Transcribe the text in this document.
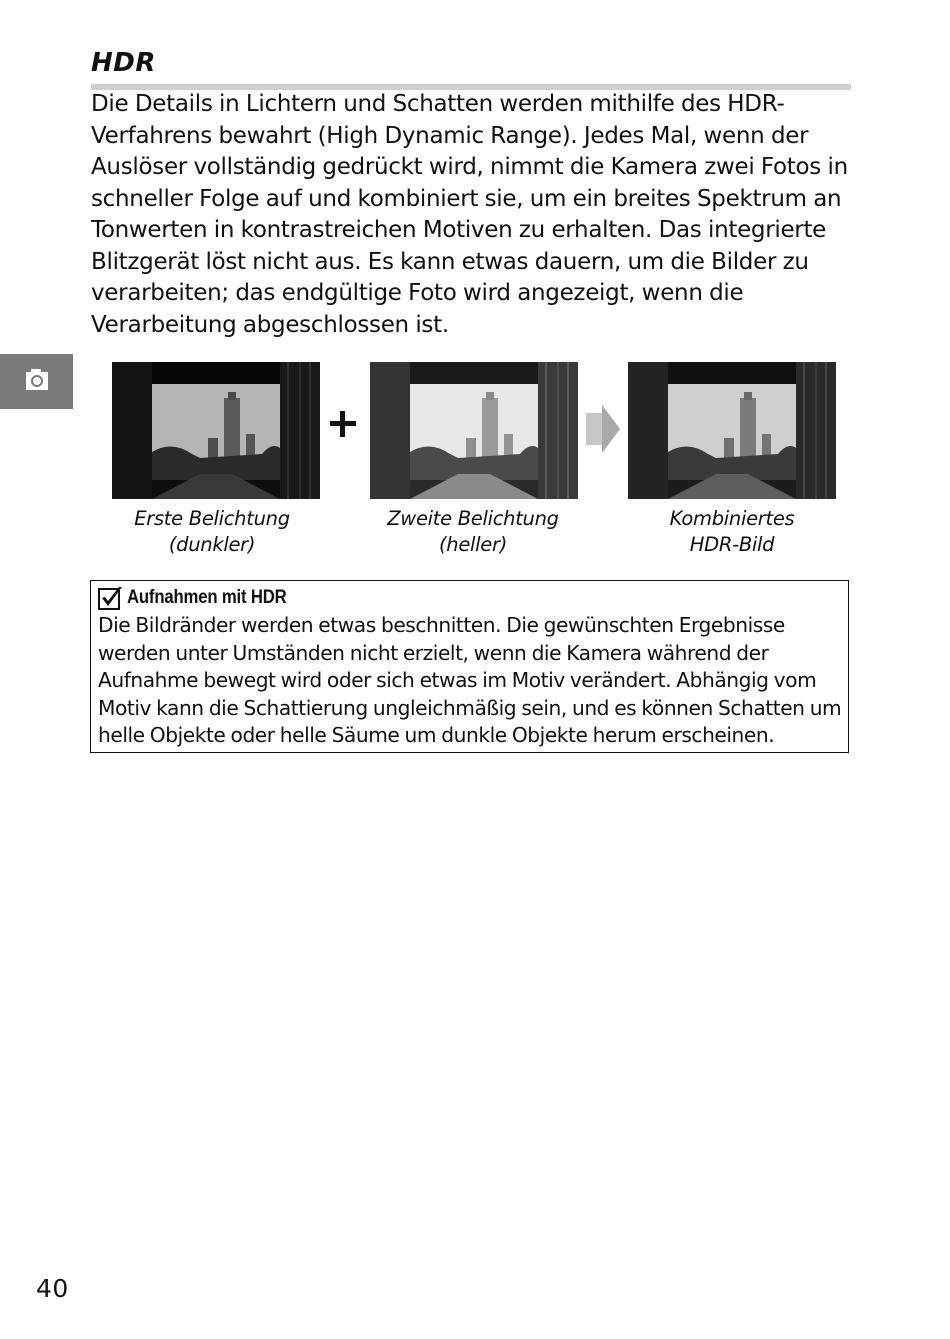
HDR

Die Details in Lichtern und Schatten werden mithilfe des HDR-Verfahrens bewahrt (High Dynamic Range). Jedes Mal, wenn der Auslöser vollständig gedrückt wird, nimmt die Kamera zwei Fotos in schneller Folge auf und kombiniert sie, um ein breites Spektrum an Tonwerten in kontrastreichen Motiven zu erhalten. Das integrierte Blitzgerät löst nicht aus. Es kann etwas dauern, um die Bilder zu verarbeiten; das endgültige Foto wird angezeigt, wenn die Verarbeitung abgeschlossen ist.

Erste Belichtung
(dunkler)
Zweite Belichtung
(heller)
Kombiniertes
HDR-Bild
Aufnahmen mit HDR
Die Bildränder werden etwas beschnitten. Die gewünschten Ergebnisse werden unter Umständen nicht erzielt, wenn die Kamera während der Aufnahme bewegt wird oder sich etwas im Motiv verändert. Abhängig vom Motiv kann die Schattierung ungleichmäßig sein, und es können Schatten um helle Objekte oder helle Säume um dunkle Objekte herum erscheinen.
40
